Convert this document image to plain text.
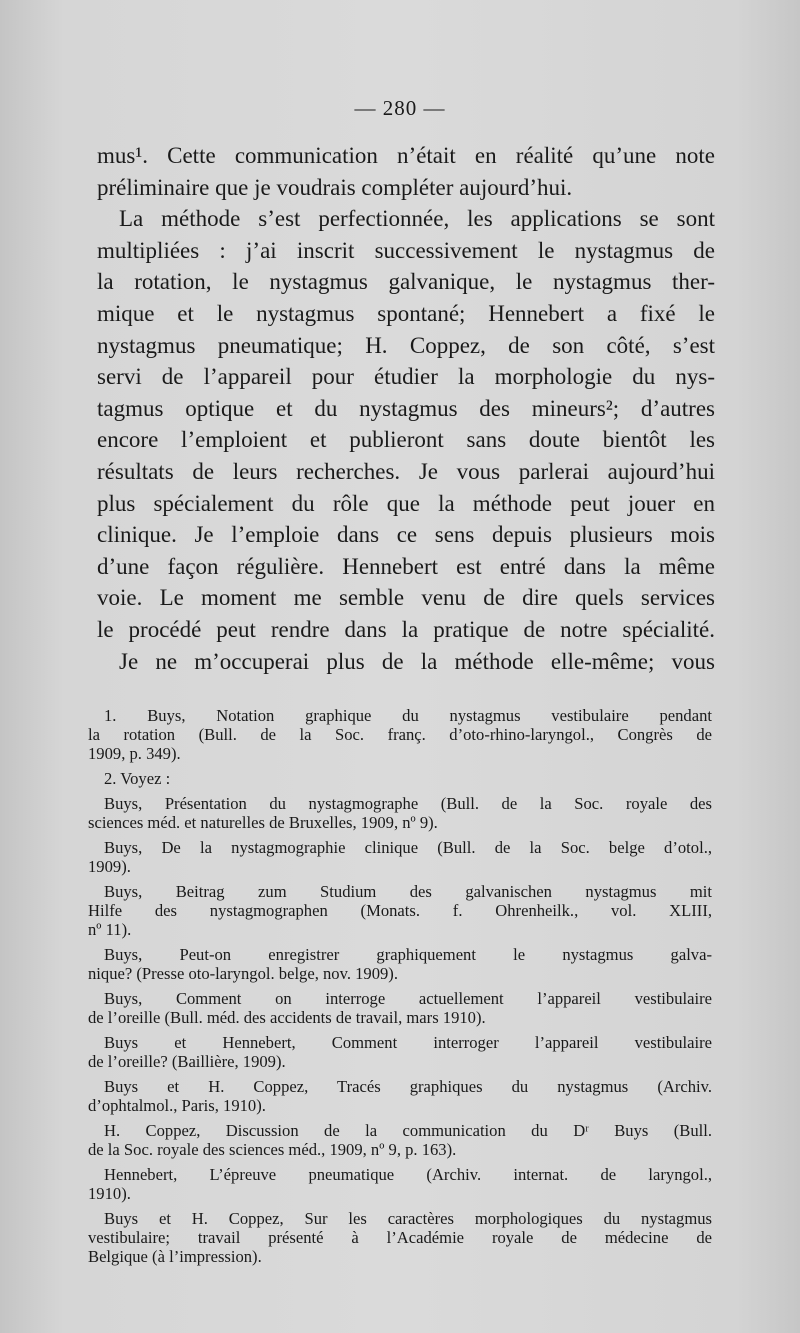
— 280 —
mus¹. Cette communication n’était en réalité qu’une note
préliminaire que je voudrais compléter aujourd’hui.
La méthode s’est perfectionnée, les applications se sont
multipliées : j’ai inscrit successivement le nystagmus de
la rotation, le nystagmus galvanique, le nystagmus ther-
mique et le nystagmus spontané; Hennebert a fixé le
nystagmus pneumatique; H. Coppez, de son côté, s’est
servi de l’appareil pour étudier la morphologie du nys-
tagmus optique et du nystagmus des mineurs²; d’autres
encore l’emploient et publieront sans doute bientôt les
résultats de leurs recherches. Je vous parlerai aujourd’hui
plus spécialement du rôle que la méthode peut jouer en
clinique. Je l’emploie dans ce sens depuis plusieurs mois
d’une façon régulière. Hennebert est entré dans la même
voie. Le moment me semble venu de dire quels services
le procédé peut rendre dans la pratique de notre spécialité.
Je ne m’occuperai plus de la méthode elle-même; vous
1. Buys, Notation graphique du nystagmus vestibulaire pendant
la rotation (Bull. de la Soc. franç. d’oto-rhino-laryngol., Congrès de
1909, p. 349).
2. Voyez :
Buys, Présentation du nystagmographe (Bull. de la Soc. royale des
sciences méd. et naturelles de Bruxelles, 1909, nº 9).
Buys, De la nystagmographie clinique (Bull. de la Soc. belge d’otol.,
1909).
Buys, Beitrag zum Studium des galvanischen nystagmus mit
Hilfe des nystagmographen (Monats. f. Ohrenheilk., vol. XLIII,
nº 11).
Buys, Peut-on enregistrer graphiquement le nystagmus galva-
nique? (Presse oto-laryngol. belge, nov. 1909).
Buys, Comment on interroge actuellement l’appareil vestibulaire
de l’oreille (Bull. méd. des accidents de travail, mars 1910).
Buys et Hennebert, Comment interroger l’appareil vestibulaire
de l’oreille? (Baillière, 1909).
Buys et H. Coppez, Tracés graphiques du nystagmus (Archiv.
d’ophtalmol., Paris, 1910).
H. Coppez, Discussion de la communication du Dʳ Buys (Bull.
de la Soc. royale des sciences méd., 1909, nº 9, p. 163).
Hennebert, L’épreuve pneumatique (Archiv. internat. de laryngol.,
1910).
Buys et H. Coppez, Sur les caractères morphologiques du nystagmus
vestibulaire; travail présenté à l’Académie royale de médecine de
Belgique (à l’impression).
